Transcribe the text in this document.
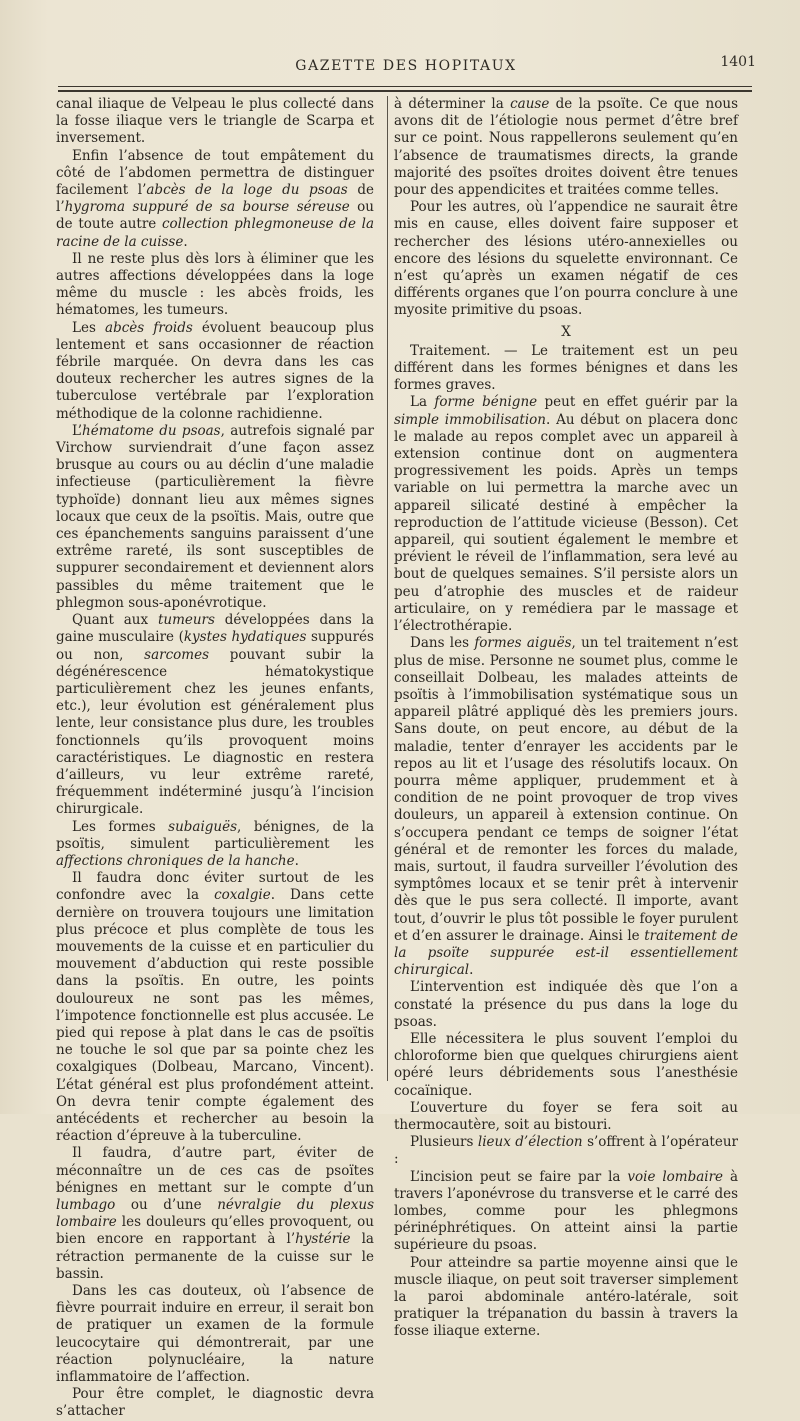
GAZETTE DES HOPITAUX	1401

canal iliaque de Velpeau le plus collecté dans la fosse iliaque vers le triangle de Scarpa et inversement.

Enfin l’absence de tout empâtement du côté de l’abdomen permettra de distinguer facilement l’abcès de la loge du psoas de l’hygroma suppuré de sa bourse séreuse ou de toute autre collection phlegmoneuse de la racine de la cuisse.

Il ne reste plus dès lors à éliminer que les autres affections développées dans la loge même du muscle : les abcès froids, les hématomes, les tumeurs.

Les abcès froids évoluent beaucoup plus lentement et sans occasionner de réaction fébrile marquée. On devra dans les cas douteux rechercher les autres signes de la tuberculose vertébrale par l’exploration méthodique de la colonne rachidienne.

L’hématome du psoas, autrefois signalé par Virchow surviendrait d’une façon assez brusque au cours ou au déclin d’une maladie infectieuse (particulièrement la fièvre typhoïde) donnant lieu aux mêmes signes locaux que ceux de la psoïtis. Mais, outre que ces épanchements sanguins paraissent d’une extrême rareté, ils sont susceptibles de suppurer secondairement et deviennent alors passibles du même traitement que le phlegmon sous-aponévrotique.

Quant aux tumeurs développées dans la gaine musculaire (kystes hydatiques suppurés ou non, sarcomes pouvant subir la dégénérescence hématokystique particulièrement chez les jeunes enfants, etc.), leur évolution est généralement plus lente, leur consistance plus dure, les troubles fonctionnels qu’ils provoquent moins caractéristiques. Le diagnostic en restera d’ailleurs, vu leur extrême rareté, fréquemment indéterminé jusqu’à l’incision chirurgicale.

Les formes subaiguës, bénignes, de la psoïtis, simulent particulièrement les affections chroniques de la hanche.

Il faudra donc éviter surtout de les confondre avec la coxalgie. Dans cette dernière on trouvera toujours une limitation plus précoce et plus complète de tous les mouvements de la cuisse et en particulier du mouvement d’abduction qui reste possible dans la psoïtis. En outre, les points douloureux ne sont pas les mêmes, l’impotence fonctionnelle est plus accusée. Le pied qui repose à plat dans le cas de psoïtis ne touche le sol que par sa pointe chez les coxalgiques (Dolbeau, Marcano, Vincent). L’état général est plus profondément atteint. On devra tenir compte également des antécédents et rechercher au besoin la réaction d’épreuve à la tuberculine.

Il faudra, d’autre part, éviter de méconnaître un de ces cas de psoïtes bénignes en mettant sur le compte d’un lumbago ou d’une névralgie du plexus lombaire les douleurs qu’elles provoquent, ou bien encore en rapportant à l’hystérie la rétraction permanente de la cuisse sur le bassin.

Dans les cas douteux, où l’absence de fièvre pourrait induire en erreur, il serait bon de pratiquer un examen de la formule leucocytaire qui démontrerait, par une réaction polynucléaire, la nature inflammatoire de l’affection.

Pour être complet, le diagnostic devra s’attacher

à déterminer la cause de la psoïte. Ce que nous avons dit de l’étiologie nous permet d’être bref sur ce point. Nous rappellerons seulement qu’en l’absence de traumatismes directs, la grande majorité des psoïtes droites doivent être tenues pour des appendicites et traitées comme telles.

Pour les autres, où l’appendice ne saurait être mis en cause, elles doivent faire supposer et rechercher des lésions utéro-annexielles ou encore des lésions du squelette environnant. Ce n’est qu’après un examen négatif de ces différents organes que l’on pourra conclure à une myosite primitive du psoas.

X

Traitement. — Le traitement est un peu différent dans les formes bénignes et dans les formes graves.

La forme bénigne peut en effet guérir par la simple immobilisation. Au début on placera donc le malade au repos complet avec un appareil à extension continue dont on augmentera progressivement les poids. Après un temps variable on lui permettra la marche avec un appareil silicaté destiné à empêcher la reproduction de l’attitude vicieuse (Besson). Cet appareil, qui soutient également le membre et prévient le réveil de l’inflammation, sera levé au bout de quelques semaines. S’il persiste alors un peu d’atrophie des muscles et de raideur articulaire, on y remédiera par le massage et l’électrothérapie.

Dans les formes aiguës, un tel traitement n’est plus de mise. Personne ne soumet plus, comme le conseillait Dolbeau, les malades atteints de psoïtis à l’immobilisation systématique sous un appareil plâtré appliqué dès les premiers jours. Sans doute, on peut encore, au début de la maladie, tenter d’enrayer les accidents par le repos au lit et l’usage des résolutifs locaux. On pourra même appliquer, prudemment et à condition de ne point provoquer de trop vives douleurs, un appareil à extension continue. On s’occupera pendant ce temps de soigner l’état général et de remonter les forces du malade, mais, surtout, il faudra surveiller l’évolution des symptômes locaux et se tenir prêt à intervenir dès que le pus sera collecté. Il importe, avant tout, d’ouvrir le plus tôt possible le foyer purulent et d’en assurer le drainage. Ainsi le traitement de la psoïte suppurée est-il essentiellement chirurgical.

L’intervention est indiquée dès que l’on a constaté la présence du pus dans la loge du psoas.

Elle nécessitera le plus souvent l’emploi du chloroforme bien que quelques chirurgiens aient opéré leurs débridements sous l’anesthésie cocaïnique.

L’ouverture du foyer se fera soit au thermocautère, soit au bistouri.

Plusieurs lieux d’élection s’offrent à l’opérateur :

L’incision peut se faire par la voie lombaire à travers l’aponévrose du transverse et le carré des lombes, comme pour les phlegmons périnéphrétiques. On atteint ainsi la partie supérieure du psoas.

Pour atteindre sa partie moyenne ainsi que le muscle iliaque, on peut soit traverser simplement la paroi abdominale antéro-latérale, soit pratiquer la trépanation du bassin à travers la fosse iliaque externe.
